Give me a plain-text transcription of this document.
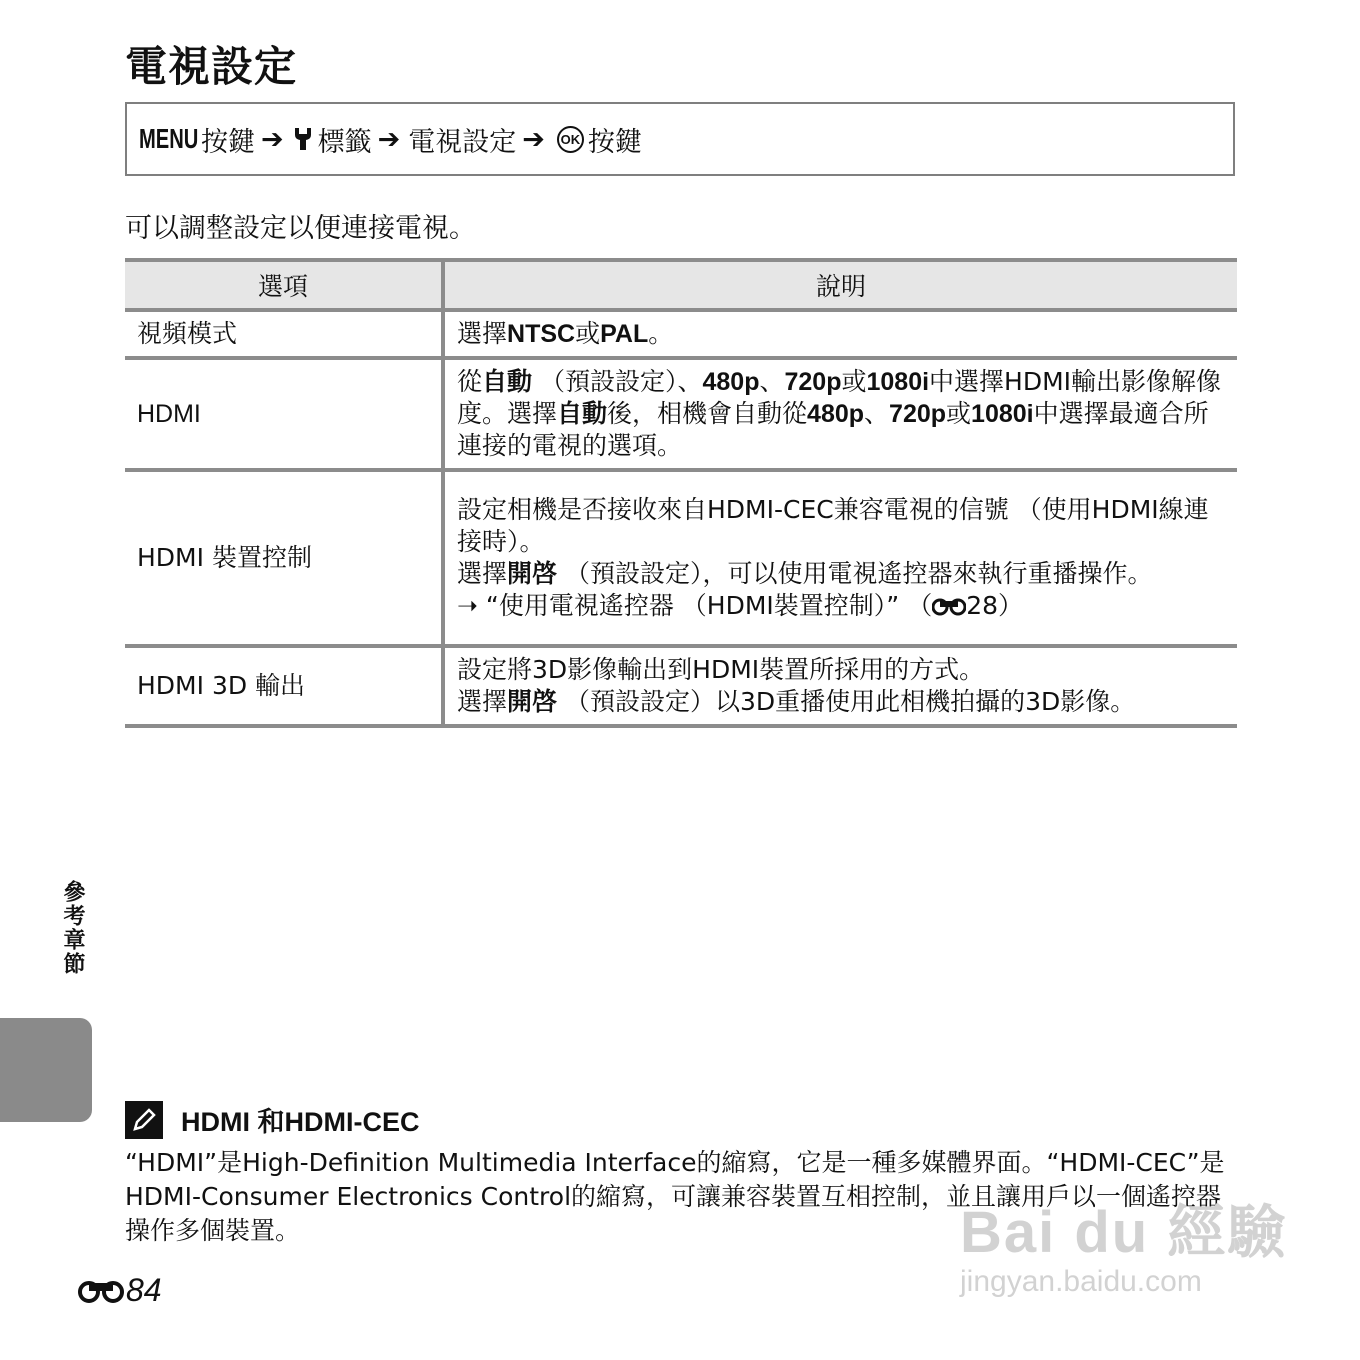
電視設定
MENU 按鍵 ➔ 標籤 ➔ 電視設定 ➔ OK 按鍵

可以調整設定以便連接電視。

選項	說明
視頻模式	選擇NTSC或PAL。
HDMI	從自動 （預設設定）、480p、720p或1080i中選擇HDMI輸出影像解像度。選擇自動後，相機會自動從480p、720p或1080i中選擇最適合所連接的電視的選項。
HDMI 裝置控制	設定相機是否接收來自HDMI-CEC兼容電視的信號 （使用HDMI線連接時）。
選擇開啓 （預設設定），可以使用電視遙控器來執行重播操作。
➝ “使用電視遙控器 （HDMI裝置控制）” （ 28）

HDMI 3D 輸出	設定將3D影像輸出到HDMI裝置所採用的方式。
選擇開啓 （預設設定）以3D重播使用此相機拍攝的3D影像。
參考章節
HDMI 和HDMI-CEC

“HDMI”是High-Definition Multimedia Interface的縮寫，它是一種多媒體界面。“HDMI-CEC”是HDMI-Consumer Electronics Control的縮寫，可讓兼容裝置互相控制，並且讓用戶以一個遙控器操作多個裝置。

84
Bai du 經驗
jingyan.baidu.com
